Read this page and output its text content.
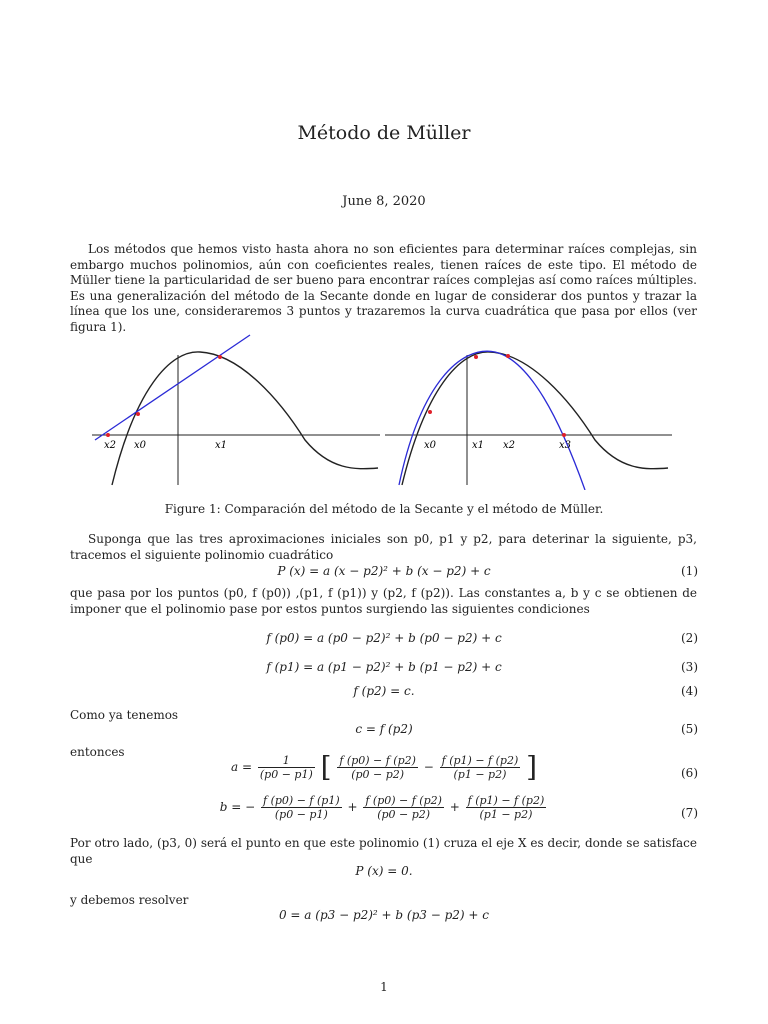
Método de Müller
June 8, 2020
Los métodos que hemos visto hasta ahora no son eficientes para determinar raíces complejas, sin embargo muchos polinomios, aún con coeficientes reales, tienen raíces de este tipo. El método de Müller tiene la particularidad de ser bueno para encontrar raíces complejas así como raíces múltiples. Es una generalización del método de la Secante donde en lugar de considerar dos puntos y trazar la línea que los une, consideraremos 3 puntos y trazaremos la curva cuadrática que pasa por ellos (ver figura 1).
x2 x0	x1	x0	x1 x2	x3
Figure 1: Comparación del método de la Secante y el método de Müller.
Suponga que las tres aproximaciones iniciales son p0, p1 y p2, para deterinar la siguiente, p3, tracemos el siguiente polinomio cuadrático
P (x) = a (x − p2)² + b (x − p2) + c	(1)
que pasa por los puntos (p0, f (p0)) ,(p1, f (p1)) y (p2, f (p2)). Las constantes a, b y c se obtienen de imponer que el polinomio pase por estos puntos surgiendo las siguientes condiciones
f (p0) = a (p0 − p2)² + b (p0 − p2) + c	(2)
f (p1) = a (p1 − p2)² + b (p1 − p2) + c	(3)
f (p2) = c.	(4)
Como ya tenemos
c = f (p2)	(5)
entonces
$a = \frac{1}{(p0 - p1)}$ [ $\frac{f (p0) - f (p2)}{(p0 - p2)} - \frac{f (p1) - f (p2)}{(p1 - p2)}$ ]	(6)
b = − $\frac{f (p0) - f (p1)}{(p0 - p1)} + \frac{f (p0) - f (p2)}{(p0 - p2)} + \frac{f (p1) - f (p2)}{(p1 - p2)}$	(7)
Por otro lado, (p3, 0) será el punto en que este polinomio (1) cruza el eje X es decir, donde se satisface que
P (x) = 0.
y debemos resolver
0 = a (p3 − p2)² + b (p3 − p2) + c
1
